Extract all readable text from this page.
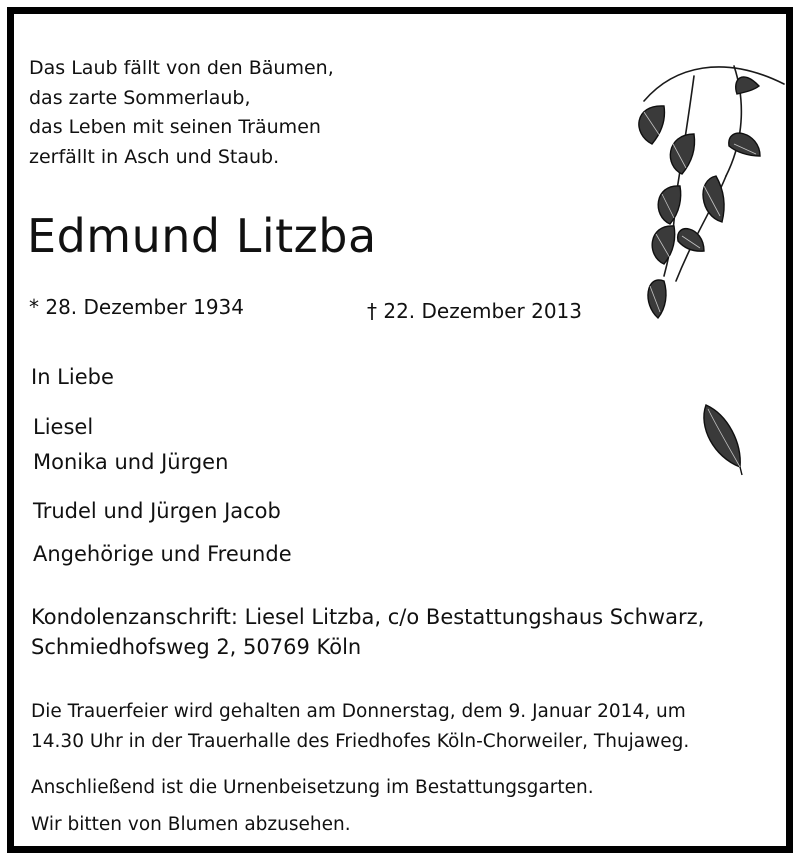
Das Laub fällt von den Bäumen,
das zarte Sommerlaub,
das Leben mit seinen Träumen
zerfällt in Asch und Staub.
Edmund Litzba
* 28. Dezember 1934	† 22. Dezember 2013
In Liebe
Liesel
Monika und Jürgen
Trudel und Jürgen Jacob
Angehörige und Freunde
Kondolenzanschrift: Liesel Litzba, c/o Bestattungshaus Schwarz,
Schmiedhofsweg 2, 50769 Köln
Die Trauerfeier wird gehalten am Donnerstag, dem 9. Januar 2014, um
14.30 Uhr in der Trauerhalle des Friedhofes Köln-Chorweiler, Thujaweg.
Anschließend ist die Urnenbeisetzung im Bestattungsgarten.
Wir bitten von Blumen abzusehen.
